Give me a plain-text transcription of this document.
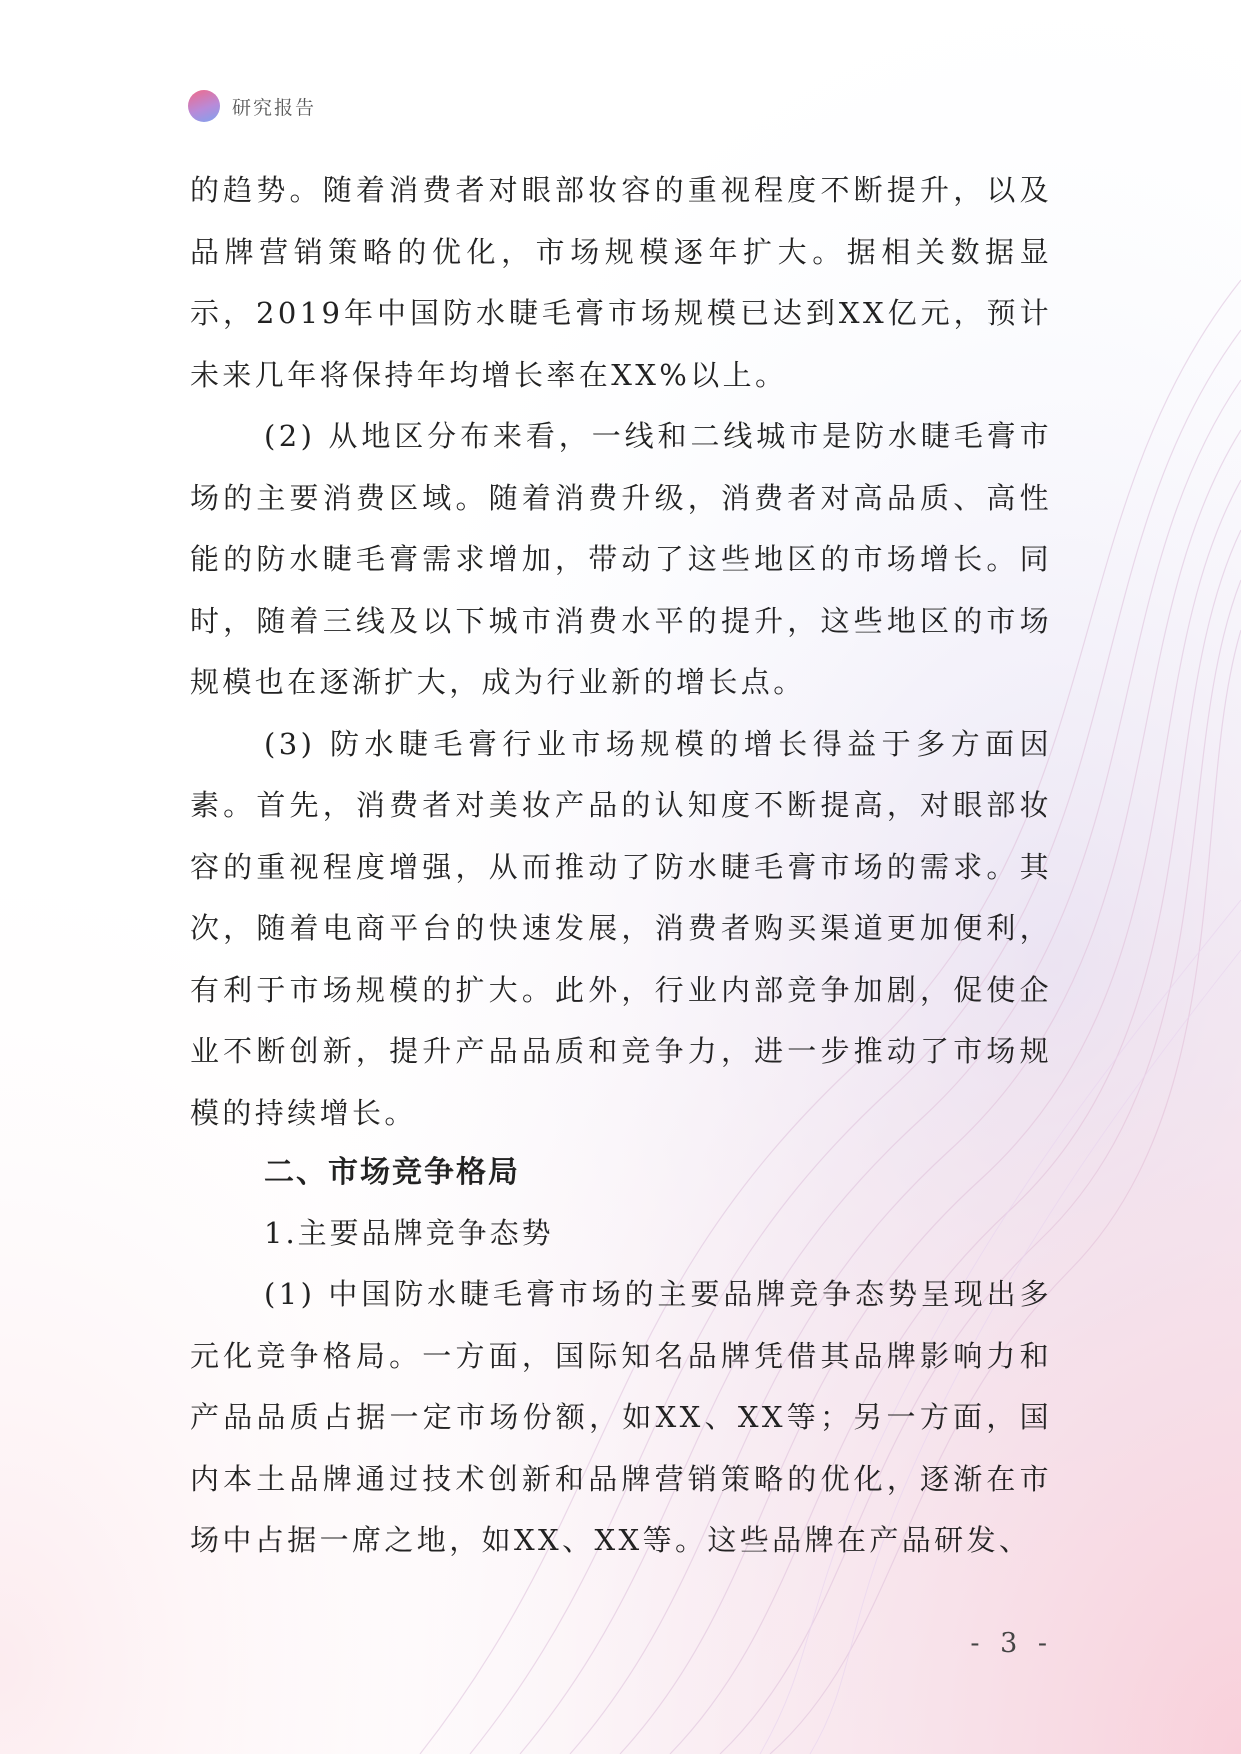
研究报告

的趋势。随着消费者对眼部妆容的重视程度不断提升，以及品牌营销策略的优化，市场规模逐年扩大。据相关数据显示，2019年中国防水睫毛膏市场规模已达到XX亿元，预计未来几年将保持年均增长率在XX%以上。

(2) 从地区分布来看，一线和二线城市是防水睫毛膏市场的主要消费区域。随着消费升级，消费者对高品质、高性能的防水睫毛膏需求增加，带动了这些地区的市场增长。同时，随着三线及以下城市消费水平的提升，这些地区的市场规模也在逐渐扩大，成为行业新的增长点。

(3) 防水睫毛膏行业市场规模的增长得益于多方面因素。首先，消费者对美妆产品的认知度不断提高，对眼部妆容的重视程度增强，从而推动了防水睫毛膏市场的需求。其次，随着电商平台的快速发展，消费者购买渠道更加便利，有利于市场规模的扩大。此外，行业内部竞争加剧，促使企业不断创新，提升产品品质和竞争力，进一步推动了市场规模的持续增长。

二、市场竞争格局
1.主要品牌竞争态势

(1) 中国防水睫毛膏市场的主要品牌竞争态势呈现出多元化竞争格局。一方面，国际知名品牌凭借其品牌影响力和产品品质占据一定市场份额，如XX、XX等；另一方面，国内本土品牌通过技术创新和品牌营销策略的优化，逐渐在市场中占据一席之地，如XX、XX等。这些品牌在产品研发、

- 3 -
